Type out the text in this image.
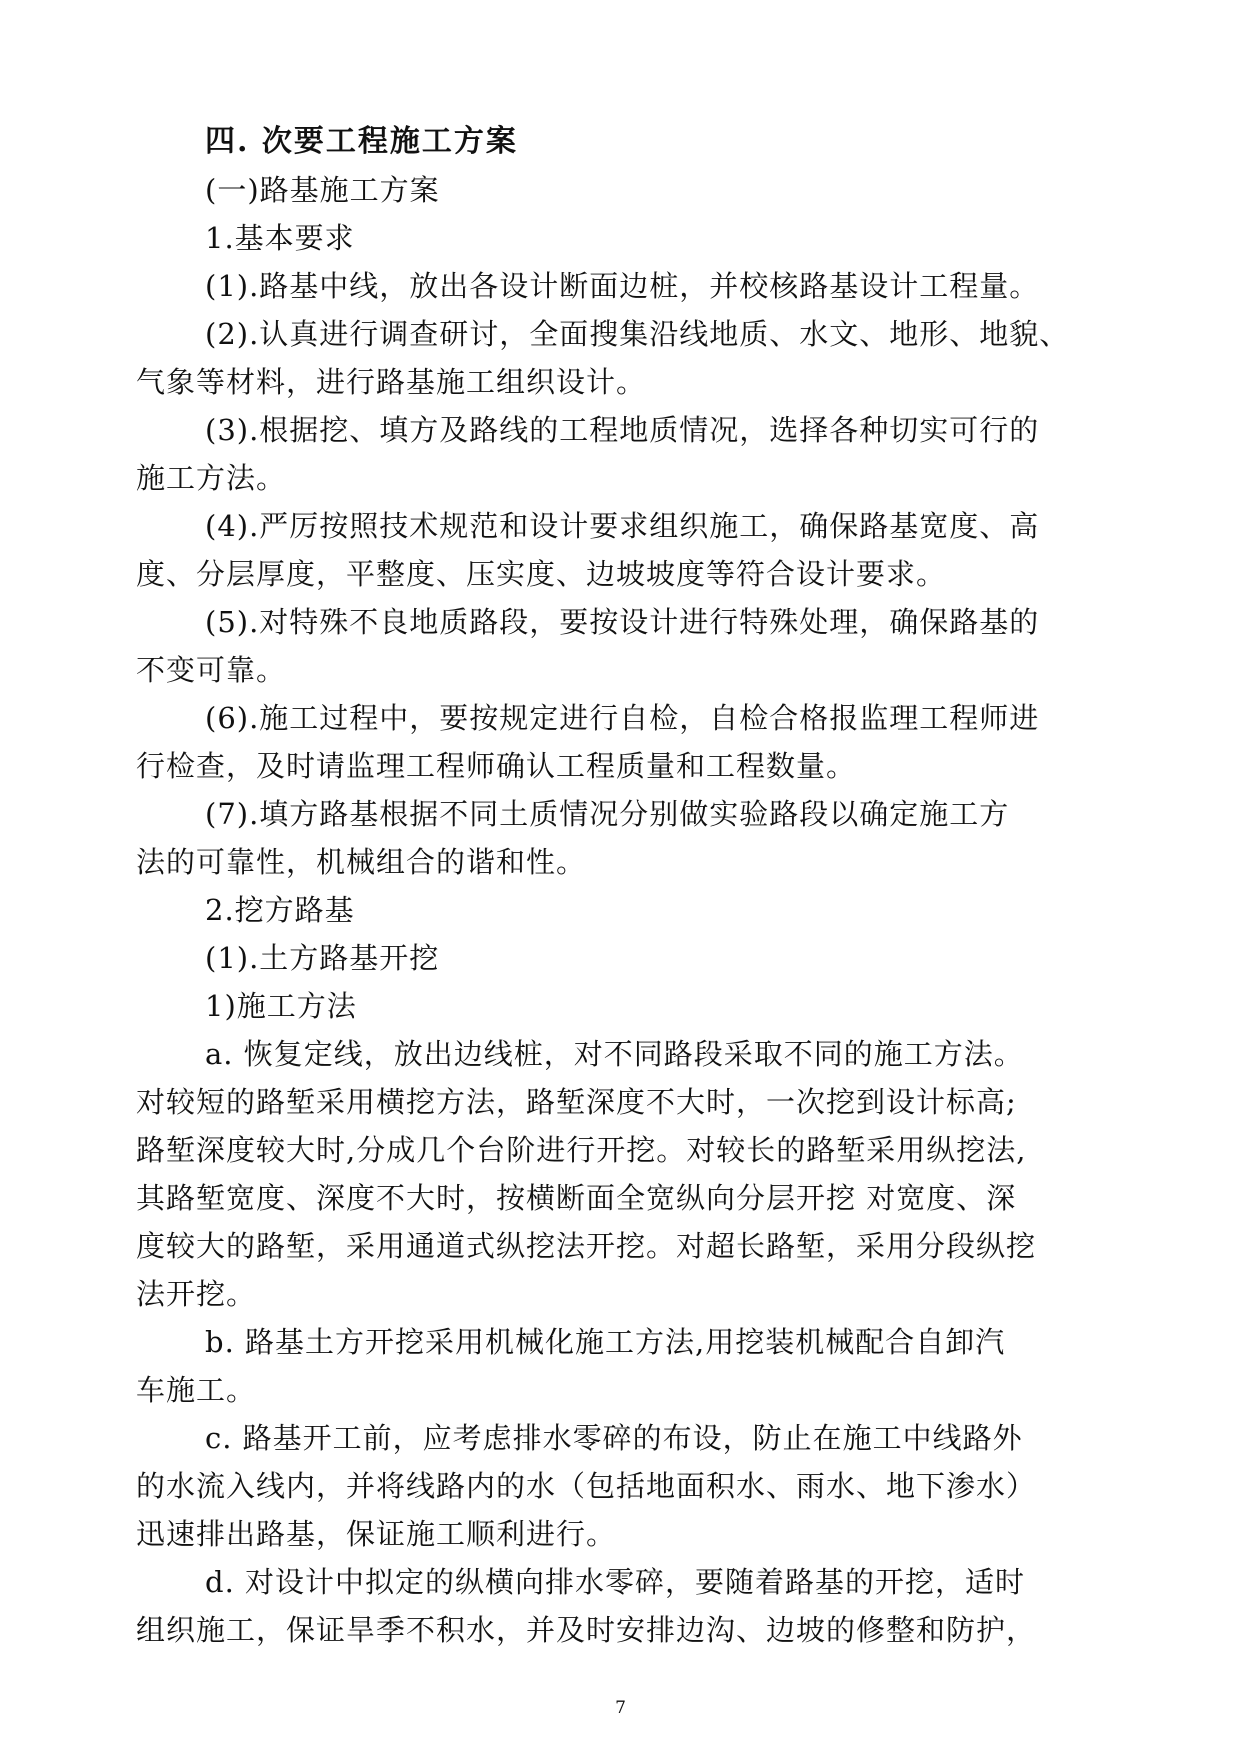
四. 次要工程施工方案
(一)路基施工方案
1.基本要求
(1).路基中线，放出各设计断面边桩，并校核路基设计工程量。
(2).认真进行调查研讨，全面搜集沿线地质、水文、地形、地貌、
气象等材料，进行路基施工组织设计。
(3).根据挖、填方及路线的工程地质情况，选择各种切实可行的
施工方法。
(4).严厉按照技术规范和设计要求组织施工，确保路基宽度、高
度、分层厚度，平整度、压实度、边坡坡度等符合设计要求。
(5).对特殊不良地质路段，要按设计进行特殊处理，确保路基的
不变可靠。
(6).施工过程中，要按规定进行自检，自检合格报监理工程师进
行检查，及时请监理工程师确认工程质量和工程数量。
(7).填方路基根据不同土质情况分别做实验路段以确定施工方
法的可靠性，机械组合的谐和性。
2.挖方路基
(1).土方路基开挖
1)施工方法
a. 恢复定线，放出边线桩，对不同路段采取不同的施工方法。
对较短的路堑采用横挖方法，路堑深度不大时，一次挖到设计标高;
路堑深度较大时,分成几个台阶进行开挖。对较长的路堑采用纵挖法,
其路堑宽度、深度不大时，按横断面全宽纵向分层开挖 对宽度、深
度较大的路堑，采用通道式纵挖法开挖。对超长路堑，采用分段纵挖
法开挖。
b. 路基土方开挖采用机械化施工方法,用挖装机械配合自卸汽
车施工。
c. 路基开工前，应考虑排水零碎的布设，防止在施工中线路外
的水流入线内，并将线路内的水（包括地面积水、雨水、地下渗水）
迅速排出路基，保证施工顺利进行。
d. 对设计中拟定的纵横向排水零碎，要随着路基的开挖，适时
组织施工，保证旱季不积水，并及时安排边沟、边坡的修整和防护，
7
